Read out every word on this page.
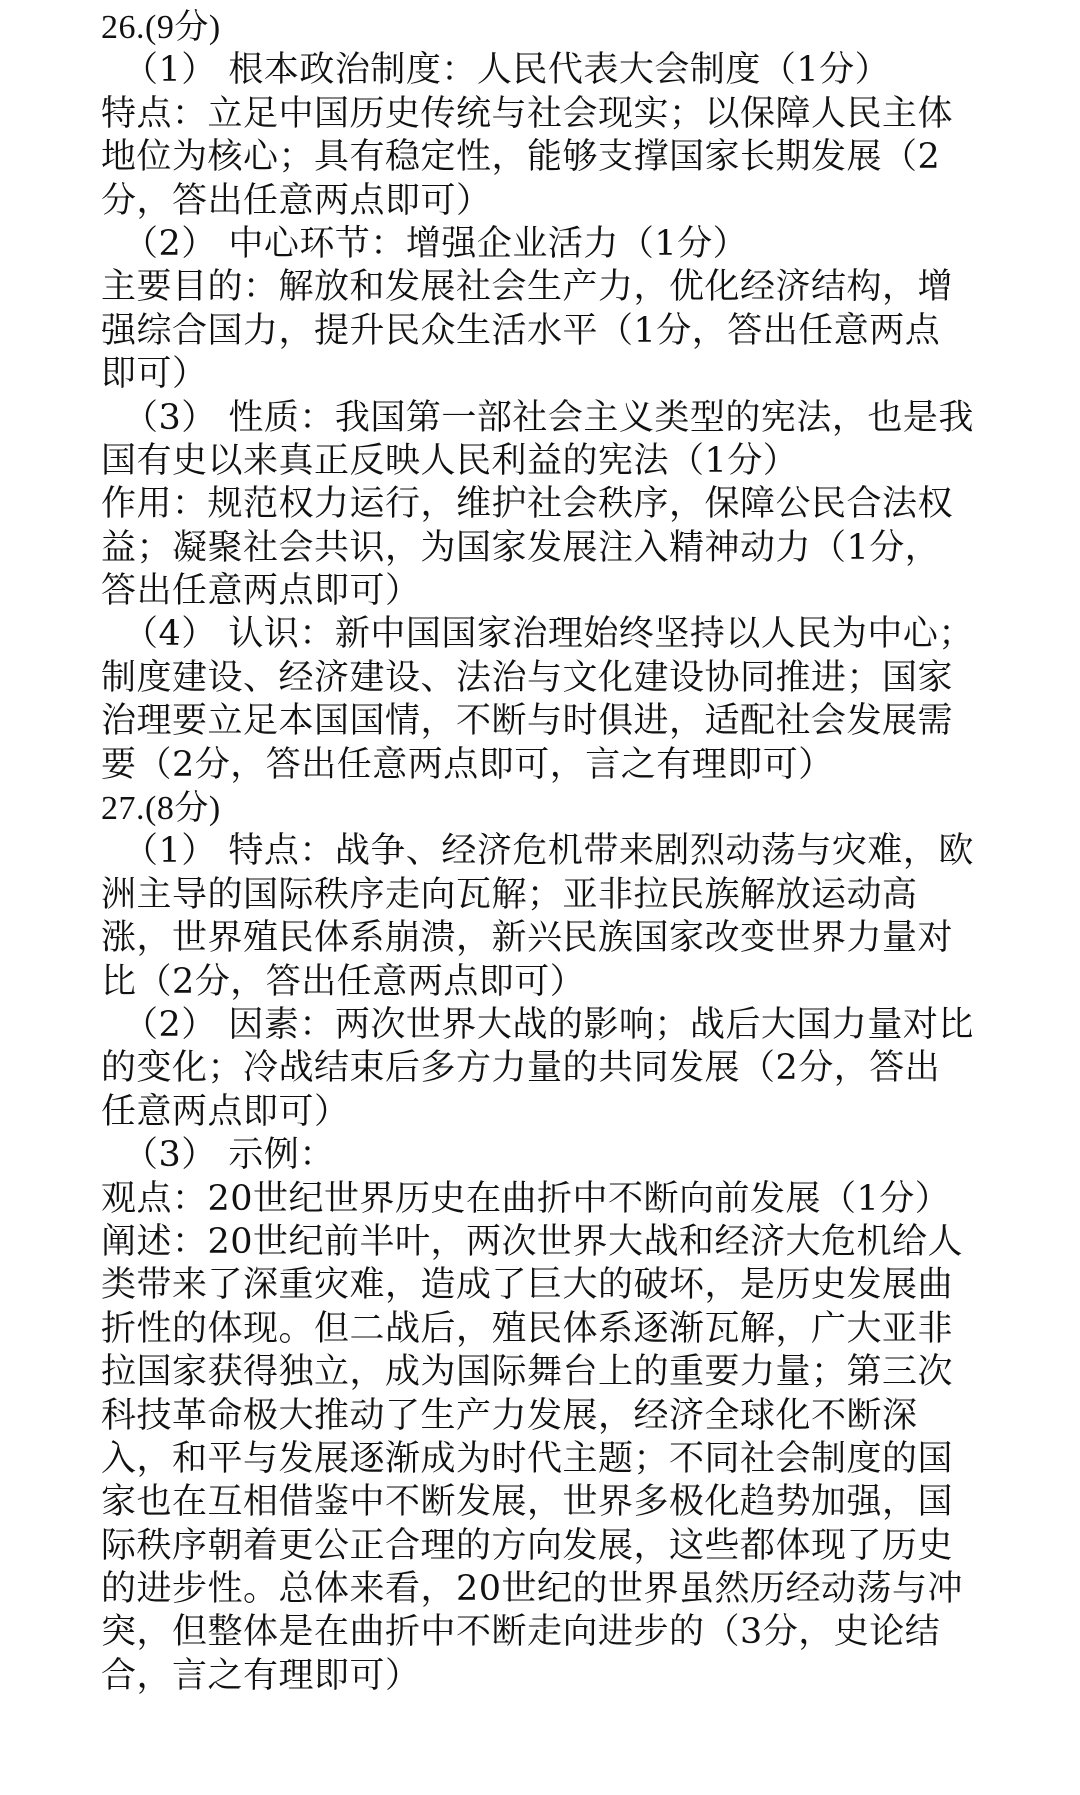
26.(9分)
（1） 根本政治制度：人民代表大会制度（1分）
特点：立足中国历史传统与社会现实；以保障人民主体
地位为核心；具有稳定性，能够支撑国家长期发展（2
分，答出任意两点即可）
（2） 中心环节：增强企业活力（1分）
主要目的：解放和发展社会生产力，优化经济结构，增
强综合国力，提升民众生活水平（1分，答出任意两点
即可）
（3） 性质：我国第一部社会主义类型的宪法，也是我
国有史以来真正反映人民利益的宪法（1分）
作用：规范权力运行，维护社会秩序，保障公民合法权
益；凝聚社会共识，为国家发展注入精神动力（1分，
答出任意两点即可）
（4） 认识：新中国国家治理始终坚持以人民为中心；
制度建设、经济建设、法治与文化建设协同推进；国家
治理要立足本国国情，不断与时俱进，适配社会发展需
要（2分，答出任意两点即可，言之有理即可）
27.(8分)
（1） 特点：战争、经济危机带来剧烈动荡与灾难，欧
洲主导的国际秩序走向瓦解；亚非拉民族解放运动高
涨，世界殖民体系崩溃，新兴民族国家改变世界力量对
比（2分，答出任意两点即可）
（2） 因素：两次世界大战的影响；战后大国力量对比
的变化；冷战结束后多方力量的共同发展（2分，答出
任意两点即可）
（3） 示例：
观点：20世纪世界历史在曲折中不断向前发展（1分）
阐述：20世纪前半叶，两次世界大战和经济大危机给人
类带来了深重灾难，造成了巨大的破坏，是历史发展曲
折性的体现。但二战后，殖民体系逐渐瓦解，广大亚非
拉国家获得独立，成为国际舞台上的重要力量；第三次
科技革命极大推动了生产力发展，经济全球化不断深
入，和平与发展逐渐成为时代主题；不同社会制度的国
家也在互相借鉴中不断发展，世界多极化趋势加强，国
际秩序朝着更公正合理的方向发展，这些都体现了历史
的进步性。总体来看，20世纪的世界虽然历经动荡与冲
突，但整体是在曲折中不断走向进步的（3分，史论结
合，言之有理即可）
